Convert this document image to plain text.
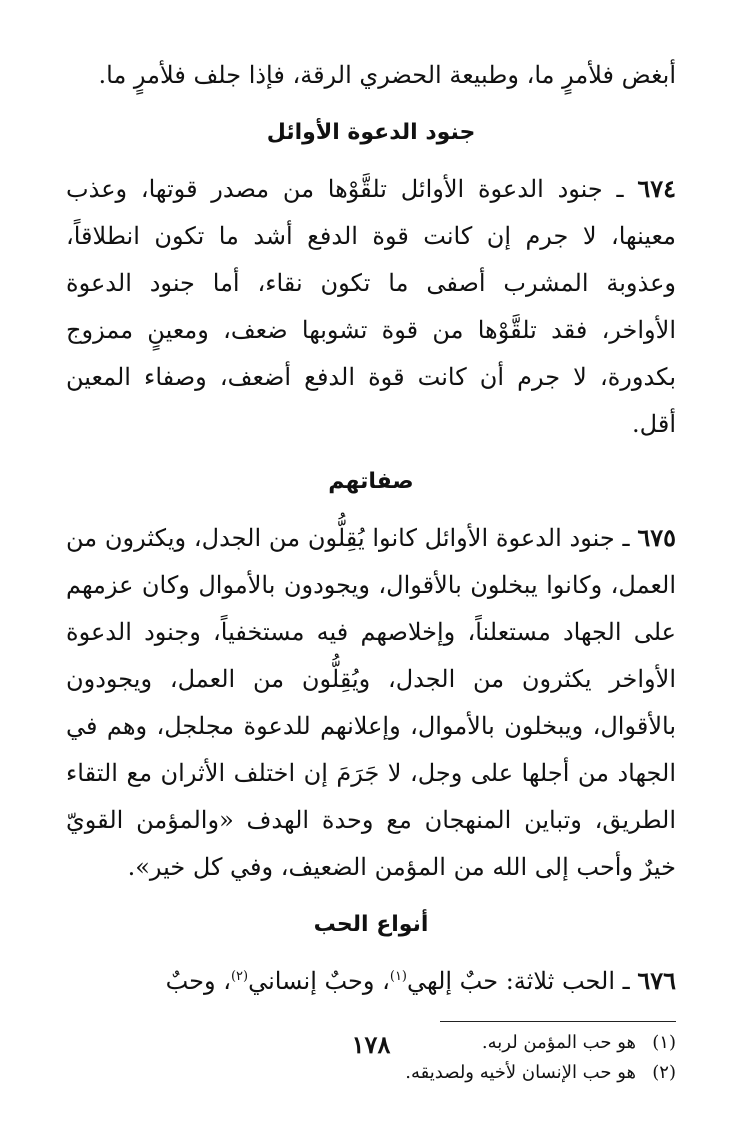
أبغض فلأمرٍ ما، وطبيعة الحضري الرقة، فإذا جلف فلأمرٍ ما.

جنود الدعوة الأوائل

٦٧٤ ـ جنود الدعوة الأوائل تلقَّوْها من مصدر قوتها، وعذب معينها، لا جرم إن كانت قوة الدفع أشد ما تكون انطلاقاً، وعذوبة المشرب أصفى ما تكون نقاء، أما جنود الدعوة الأواخر، فقد تلقَّوْها من قوة تشوبها ضعف، ومعينٍ ممزوج بكدورة، لا جرم أن كانت قوة الدفع أضعف، وصفاء المعين أقل.

صفاتهم

٦٧٥ ـ جنود الدعوة الأوائل كانوا يُقِلُّون من الجدل، ويكثرون من العمل، وكانوا يبخلون بالأقوال، ويجودون بالأموال وكان عزمهم على الجهاد مستعلناً، وإخلاصهم فيه مستخفياً، وجنود الدعوة الأواخر يكثرون من الجدل، ويُقِلُّون من العمل، ويجودون بالأقوال، ويبخلون بالأموال، وإعلانهم للدعوة مجلجل، وهم في الجهاد من أجلها على وجل، لا جَرَمَ إن اختلف الأثران مع التقاء الطريق، وتباين المنهجان مع وحدة الهدف «والمؤمن القويّ خيرٌ وأحب إلى الله من المؤمن الضعيف، وفي كل خير».

أنواع الحب

٦٧٦ ـ الحب ثلاثة: حبٌ إلهي$^{(١)}$، وحبٌ إنساني$^{(٢)}$، وحبٌ

(١)هو حب المؤمن لربه.

(٢)هو حب الإنسان لأخيه ولصديقه.

١٧٨
